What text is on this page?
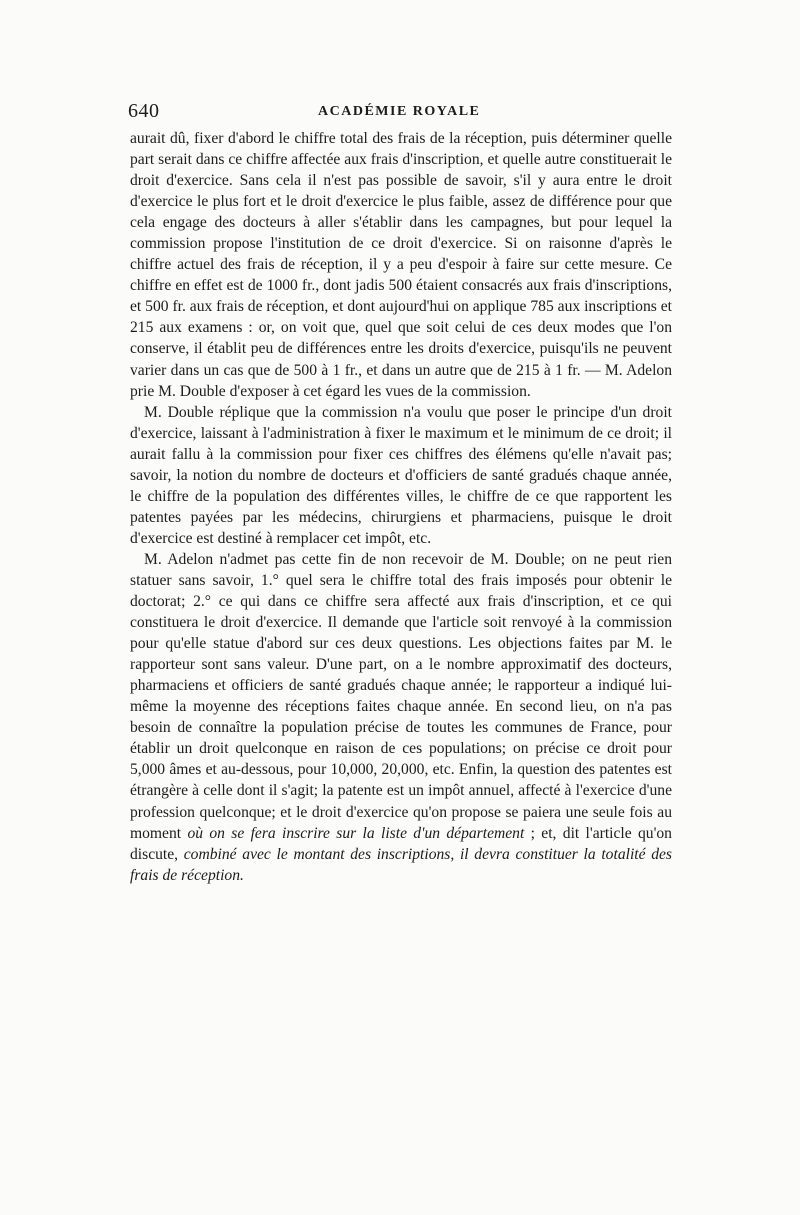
640	ACADÉMIE ROYALE

aurait dû, fixer d'abord le chiffre total des frais de la réception, puis déterminer quelle part serait dans ce chiffre affectée aux frais d'inscription, et quelle autre constituerait le droit d'exercice. Sans cela il n'est pas possible de savoir, s'il y aura entre le droit d'exercice le plus fort et le droit d'exercice le plus faible, assez de différence pour que cela engage des docteurs à aller s'établir dans les campagnes, but pour lequel la commission propose l'institution de ce droit d'exercice. Si on raisonne d'après le chiffre actuel des frais de réception, il y a peu d'espoir à faire sur cette mesure. Ce chiffre en effet est de 1000 fr., dont jadis 500 étaient consacrés aux frais d'inscriptions, et 500 fr. aux frais de réception, et dont aujourd'hui on applique 785 aux inscriptions et 215 aux examens : or, on voit que, quel que soit celui de ces deux modes que l'on conserve, il établit peu de différences entre les droits d'exercice, puisqu'ils ne peuvent varier dans un cas que de 500 à 1 fr., et dans un autre que de 215 à 1 fr. — M. Adelon prie M. Double d'exposer à cet égard les vues de la commission.

M. Double réplique que la commission n'a voulu que poser le principe d'un droit d'exercice, laissant à l'administration à fixer le maximum et le minimum de ce droit; il aurait fallu à la commission pour fixer ces chiffres des élémens qu'elle n'avait pas; savoir, la notion du nombre de docteurs et d'officiers de santé gradués chaque année, le chiffre de la population des différentes villes, le chiffre de ce que rapportent les patentes payées par les médecins, chirurgiens et pharmaciens, puisque le droit d'exercice est destiné à remplacer cet impôt, etc.

M. Adelon n'admet pas cette fin de non recevoir de M. Double; on ne peut rien statuer sans savoir, 1.° quel sera le chiffre total des frais imposés pour obtenir le doctorat; 2.° ce qui dans ce chiffre sera affecté aux frais d'inscription, et ce qui constituera le droit d'exercice. Il demande que l'article soit renvoyé à la commission pour qu'elle statue d'abord sur ces deux questions. Les objections faites par M. le rapporteur sont sans valeur. D'une part, on a le nombre approximatif des docteurs, pharmaciens et officiers de santé gradués chaque année; le rapporteur a indiqué lui-même la moyenne des réceptions faites chaque année. En second lieu, on n'a pas besoin de connaître la population précise de toutes les communes de France, pour établir un droit quelconque en raison de ces populations; on précise ce droit pour 5,000 âmes et au-dessous, pour 10,000, 20,000, etc. Enfin, la question des patentes est étrangère à celle dont il s'agit; la patente est un impôt annuel, affecté à l'exercice d'une profession quelconque; et le droit d'exercice qu'on propose se paiera une seule fois au moment où on se fera inscrire sur la liste d'un département ; et, dit l'article qu'on discute, combiné avec le montant des inscriptions, il devra constituer la totalité des frais de réception.
